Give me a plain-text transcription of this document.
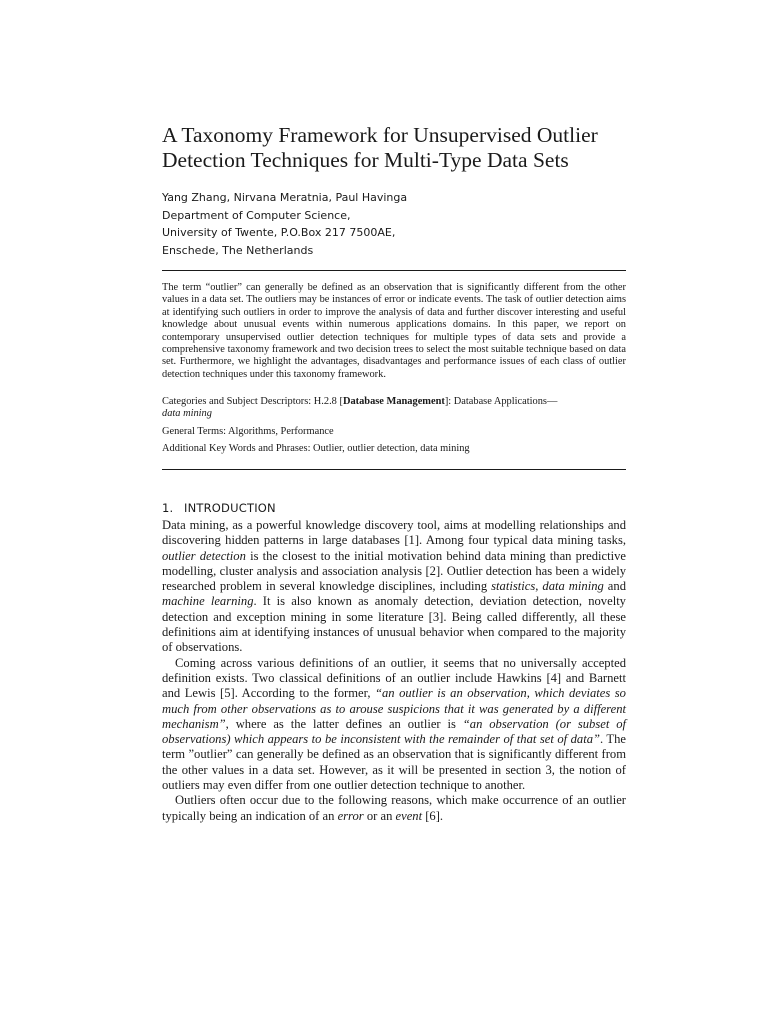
A Taxonomy Framework for Unsupervised Outlier
Detection Techniques for Multi-Type Data Sets
Yang Zhang, Nirvana Meratnia, Paul Havinga
Department of Computer Science,
University of Twente, P.O.Box 217 7500AE,
Enschede, The Netherlands

The term “outlier” can generally be defined as an observation that is significantly different from the other values in a data set. The outliers may be instances of error or indicate events. The task of outlier detection aims at identifying such outliers in order to improve the analysis of data and further discover interesting and useful knowledge about unusual events within numerous applications domains. In this paper, we report on contemporary unsupervised outlier detection techniques for multiple types of data sets and provide a comprehensive taxonomy framework and two decision trees to select the most suitable technique based on data set. Furthermore, we highlight the advantages, disadvantages and performance issues of each class of outlier detection techniques under this taxonomy framework.

Categories and Subject Descriptors: H.2.8 [Database Management]: Database Applications—
data mining

General Terms: Algorithms, Performance

Additional Key Words and Phrases: Outlier, outlier detection, data mining

1. INTRODUCTION

Data mining, as a powerful knowledge discovery tool, aims at modelling relationships and discovering hidden patterns in large databases [1]. Among four typical data mining tasks, outlier detection is the closest to the initial motivation behind data mining than predictive modelling, cluster analysis and association analysis [2]. Outlier detection has been a widely researched problem in several knowledge disciplines, including statistics, data mining and machine learning. It is also known as anomaly detection, deviation detection, novelty detection and exception mining in some literature [3]. Being called differently, all these definitions aim at identifying instances of unusual behavior when compared to the majority of observations.

Coming across various definitions of an outlier, it seems that no universally accepted definition exists. Two classical definitions of an outlier include Hawkins [4] and Barnett and Lewis [5]. According to the former, “an outlier is an observation, which deviates so much from other observations as to arouse suspicions that it was generated by a different mechanism”, where as the latter defines an outlier is “an observation (or subset of observations) which appears to be inconsistent with the remainder of that set of data”. The term ”outlier” can generally be defined as an observation that is significantly different from the other values in a data set. However, as it will be presented in section 3, the notion of outliers may even differ from one outlier detection technique to another.

Outliers often occur due to the following reasons, which make occurrence of an outlier typically being an indication of an error or an event [6].
